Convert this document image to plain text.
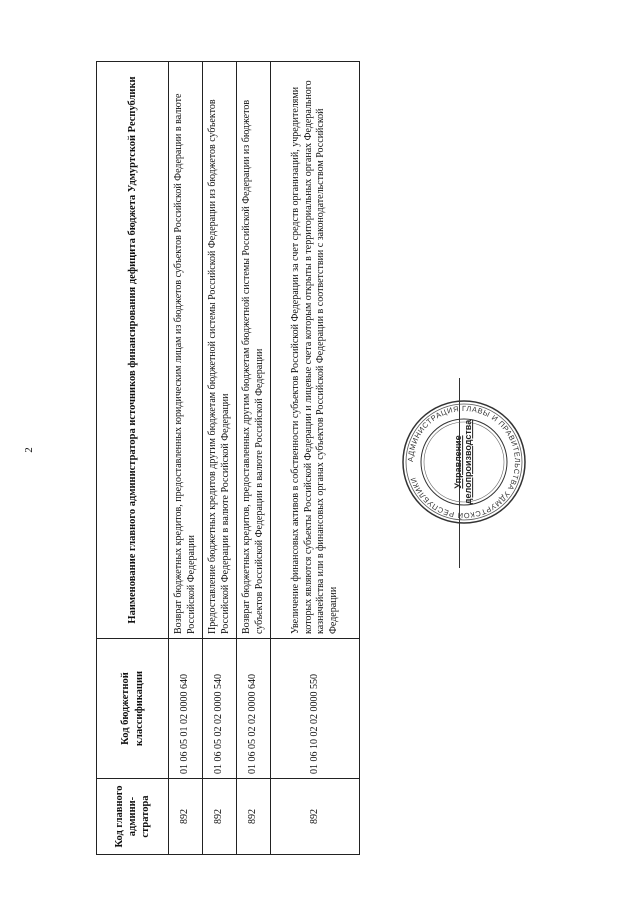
2
Код главного админи-стратора	Код бюджетной классификации	Наименование главного администратора источников финансирования дефицита бюджета Удмуртской Республики
892	01 06 05 01 02 0000 640	Возврат бюджетных кредитов, предоставленных юридическим лицам из бюджетов субъектов Российской Федерации в валюте Российской Федерации
892	01 06 05 02 02 0000 540	Предоставление бюджетных кредитов другим бюджетам бюджетной системы Российской Федерации из бюджетов субъектов Российской Федерации в валюте Российской Федерации
892	01 06 05 02 02 0000 640	Возврат бюджетных кредитов, предоставленных другим бюджетам бюджетной системы Российской Федерации из бюджетов субъектов Российской Федерации в валюте Российской Федерации
892	01 06 10 02 02 0000 550	Увеличение финансовых активов в собственности субъектов Российской Федерации за счет средств организаций, учредителями которых являются субъекты Российской Федерации и лицевые счета которым открыты в территориальных органах Федерального казначейства или в финансовых органах субъектов Российской Федерации в соответствии с законодательством Российской Федерации
АДМИНИСТРАЦИЯ ГЛАВЫ И ПРАВИТЕЛЬСТВА УДМУРТСКОЙ РЕСПУБЛИКИ	Управление делопроизводства
